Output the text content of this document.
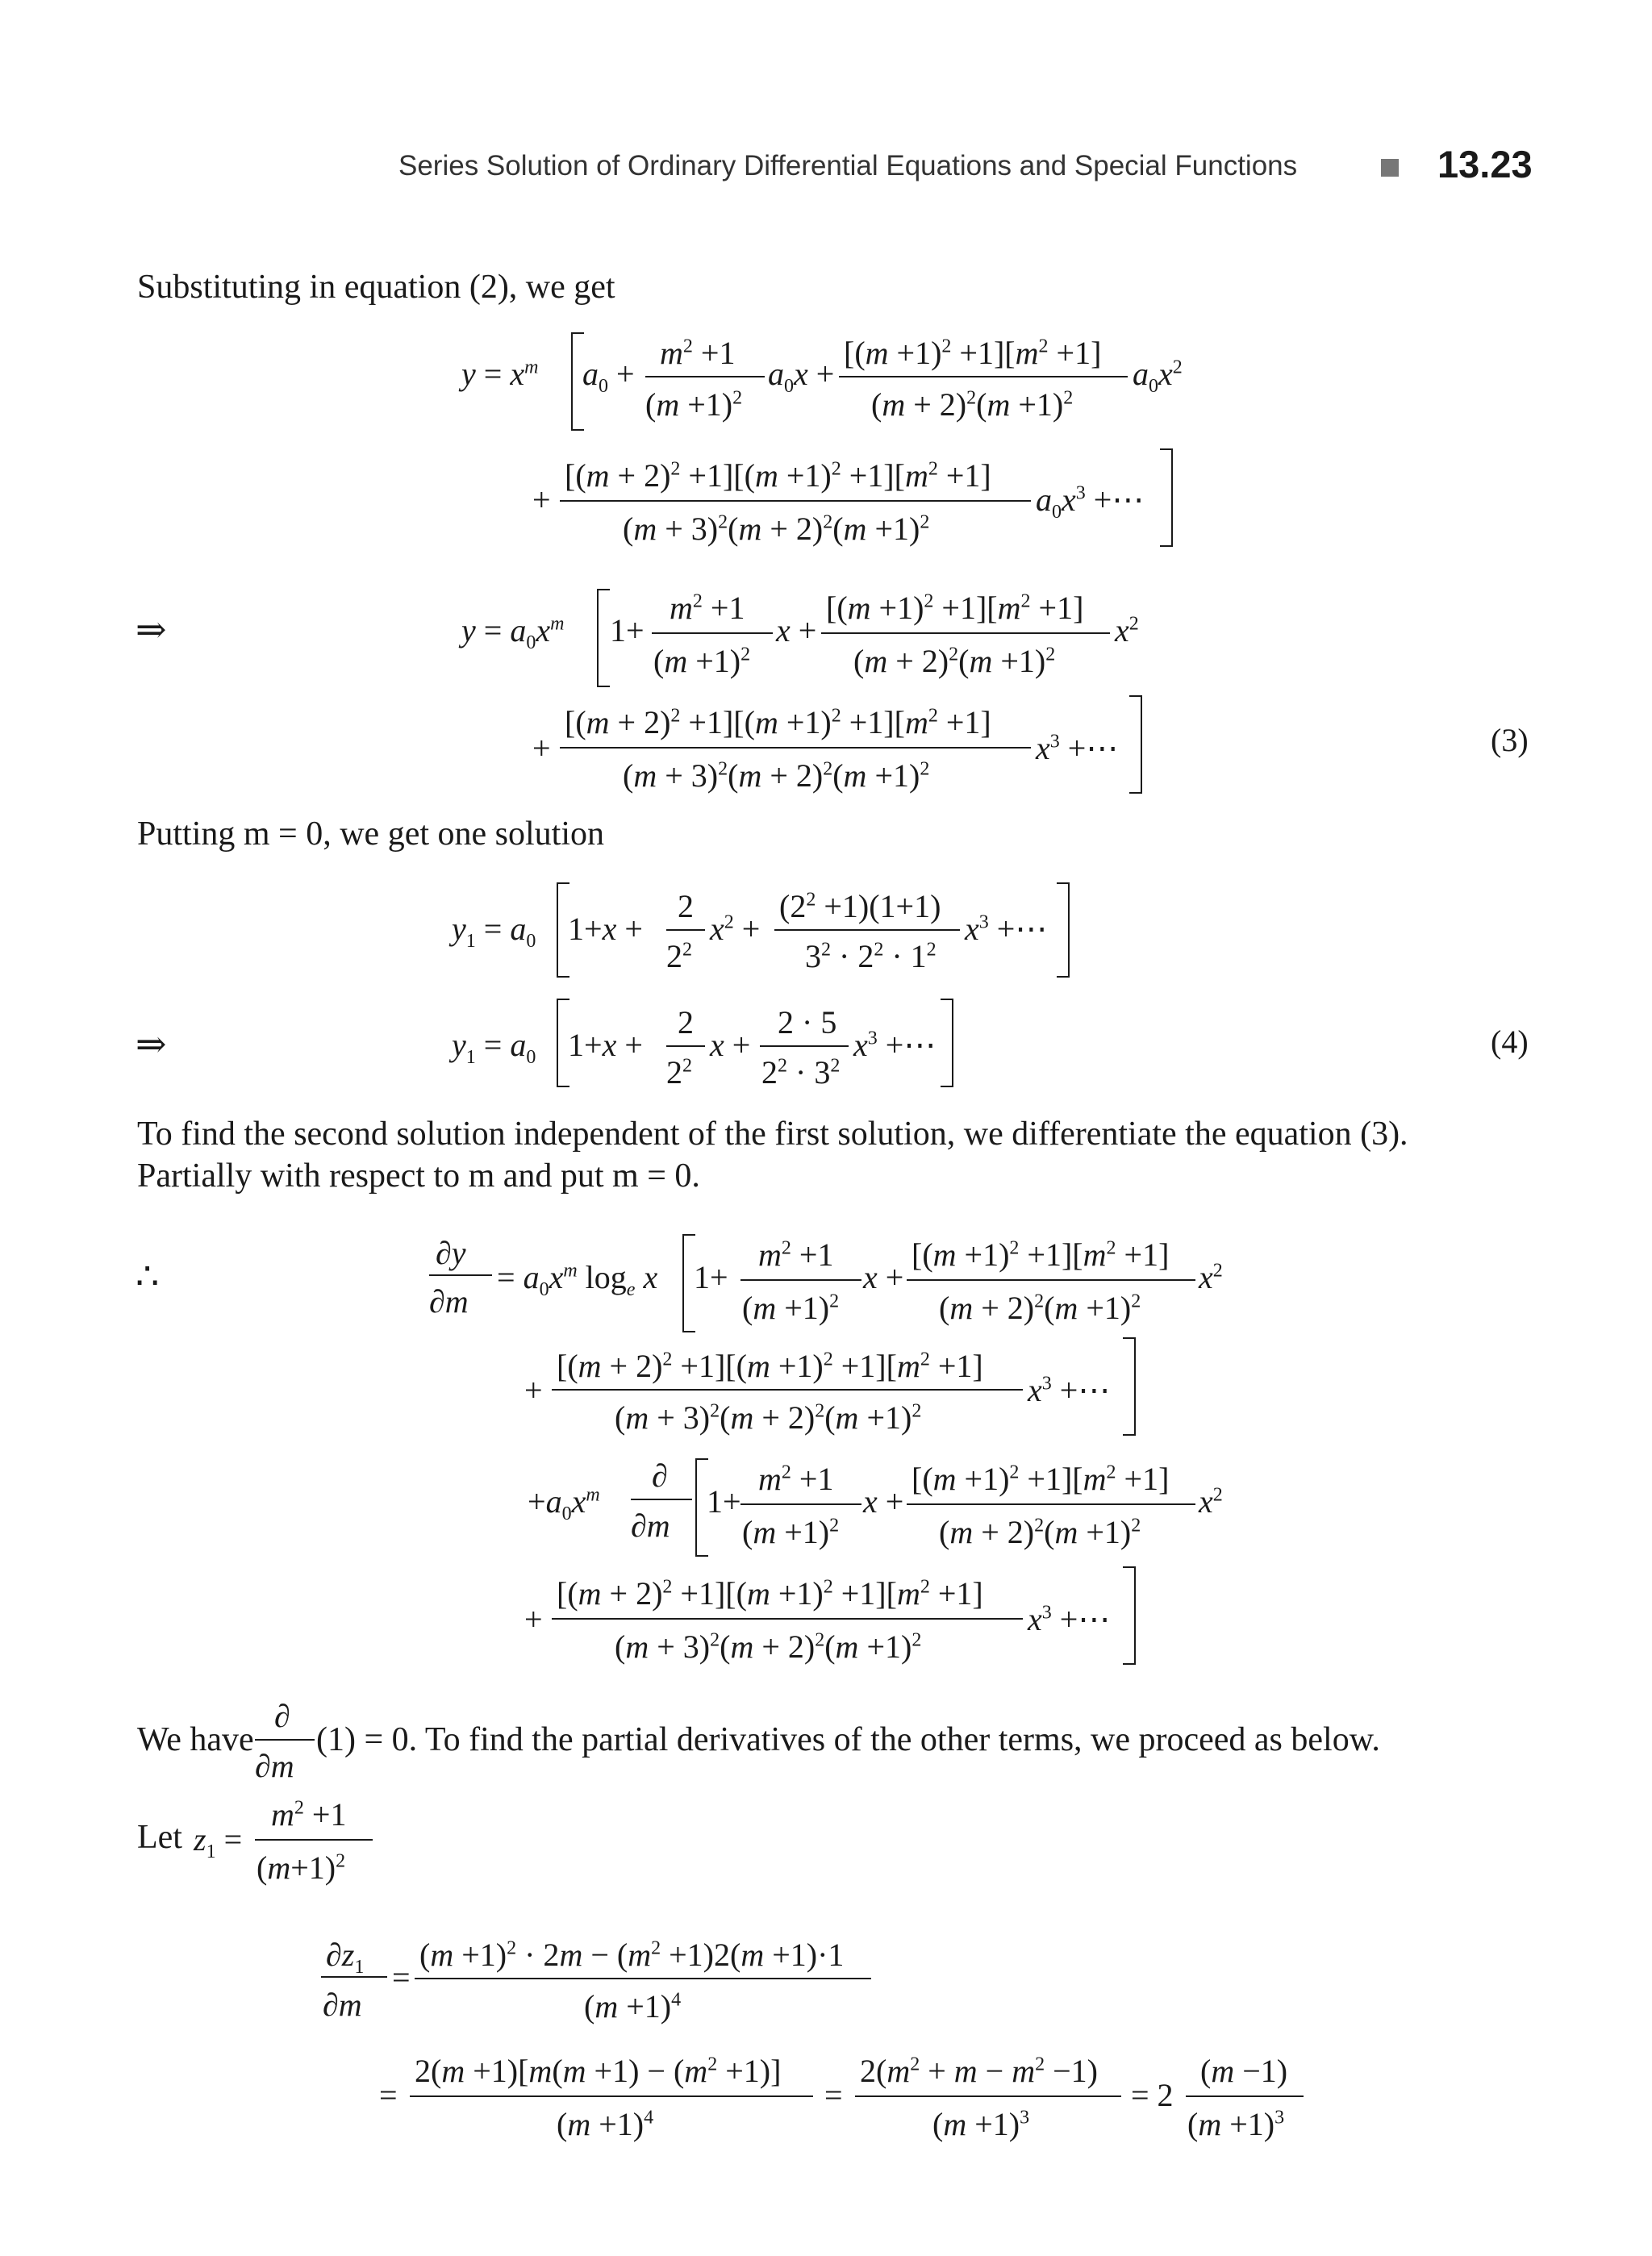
Series Solution of Ordinary Differential Equations and Special Functions	13.23
Substituting in equation (2), we get
Putting m = 0, we get one solution
To find the second solution independent of the first solution, we differentiate the equation (3).
Partially with respect to m and put m = 0.
We have (1) = 0. To find the partial derivatives of the other terms, we proceed as below.
Let
⇒
⇒
∴
(3)
(4)
$y = x^m$ $a_0$ +
$m^2 +1$
$(m +1)^2$
$a_0x$ +
$[(m +1)^2 +1][m^2 +1]$
$(m + 2)^2(m +1)^2$
$a_0x^2$
+
$[(m + 2)^2 +1][(m +1)^2 +1][m^2 +1]$
$(m + 3)^2(m + 2)^2(m +1)^2$
$a_0x^3$ +⋯
$y = a_0x^m$ 1+
$m^2 +1$
$(m +1)^2$
x +
$[(m +1)^2 +1][m^2 +1]$
$(m + 2)^2(m +1)^2$
$x^2$
+
$[(m + 2)^2 +1][(m +1)^2 +1][m^2 +1]$
$(m + 3)^2(m + 2)^2(m +1)^2$
$x^3$ +⋯
$y_1 = a_0$ 1+x +
2
$2^2$
$x^2$ +
$(2^2 +1)(1+1)$
$3^2 \cdot 2^2 \cdot 1^2$
$x^3$ +⋯
$y_1 = a_0$ 1+x +
2
$2^2$
x +
2 · 5
$2^2 \cdot 3^2$
$x^3$ +⋯
∂y
∂m
= $a_0x^m$ $\log_e x$ 1+
$m^2 +1$
$(m +1)^2$
x +
$[(m +1)^2 +1][m^2 +1]$
$(m + 2)^2(m +1)^2$
$x^2$
+
$[(m + 2)^2 +1][(m +1)^2 +1][m^2 +1]$
$(m + 3)^2(m + 2)^2(m +1)^2$
$x^3$ +⋯
$+a_0x^m$
∂
∂m
1+
$m^2 +1$
$(m +1)^2$
x +
$[(m +1)^2 +1][m^2 +1]$
$(m + 2)^2(m +1)^2$
$x^2$
+
$[(m + 2)^2 +1][(m +1)^2 +1][m^2 +1]$
$(m + 3)^2(m + 2)^2(m +1)^2$
$x^3$ +⋯
∂
∂m
$z_1$ =
$m^2 +1$
$(m+1)^2$
$\partial z_1$
∂m
=
$(m +1)^2 \cdot 2m - (m^2 +1)2(m +1)\cdot 1$
$(m +1)^4$
=
$2(m +1)[m(m +1) - (m^2 +1)]$
$(m +1)^4$
=
$2(m^2 + m - m^2 -1)$
$(m +1)^3$
= 2
(m −1)
$(m +1)^3$
